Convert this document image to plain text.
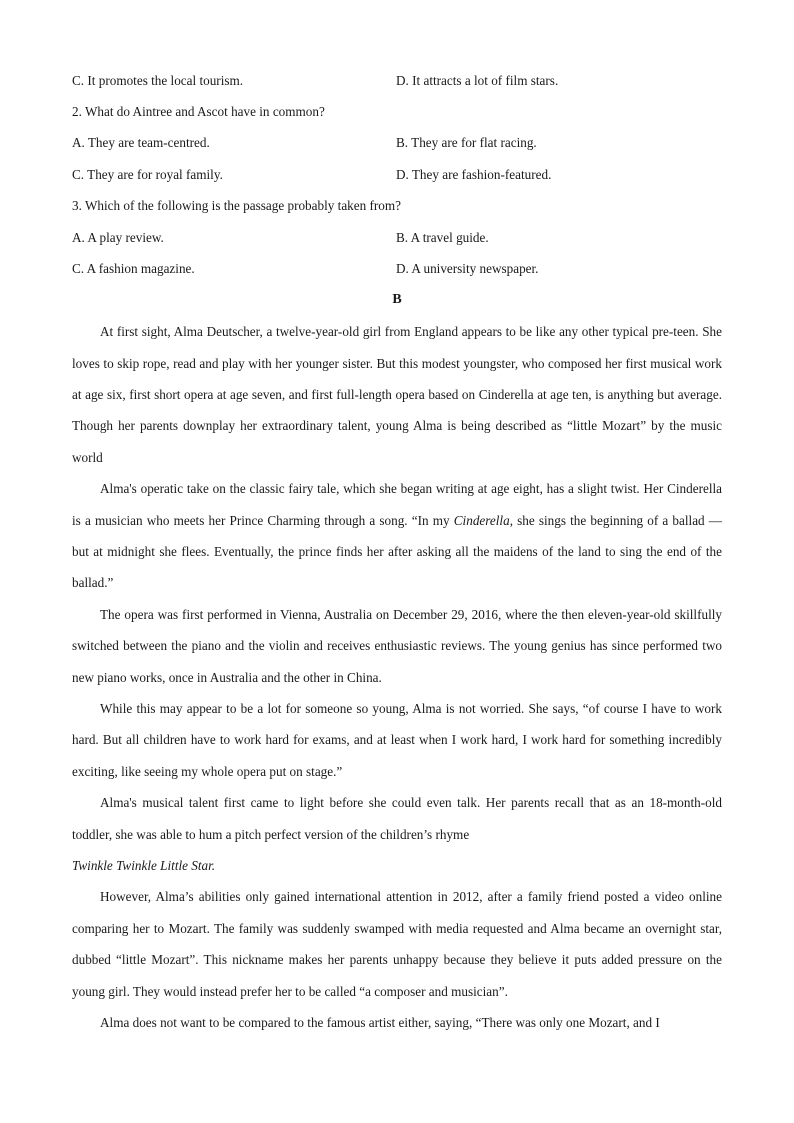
C. It promotes the local tourism.	D. It attracts a lot of film stars.
2. What do Aintree and Ascot have in common?
A. They are team-centred.	B. They are for flat racing.
C. They are for royal family.	D. They are fashion-featured.
3. Which of the following is the passage probably taken from?
A. A play review.	B. A travel guide.
C. A fashion magazine.	D. A university newspaper.
B

At first sight, Alma Deutscher, a twelve-year-old girl from England appears to be like any other typical pre-teen. She loves to skip rope, read and play with her younger sister. But this modest youngster, who composed her first musical work at age six, first short opera at age seven, and first full-length opera based on Cinderella at age ten, is anything but average. Though her parents downplay her extraordinary talent, young Alma is being described as “little Mozart” by the music world

Alma's operatic take on the classic fairy tale, which she began writing at age eight, has a slight twist. Her Cinderella is a musician who meets her Prince Charming through a song. “In my Cinderella, she sings the beginning of a ballad — but at midnight she flees. Eventually, the prince finds her after asking all the maidens of the land to sing the end of the ballad.”

The opera was first performed in Vienna, Australia on December 29, 2016, where the then eleven-year-old skillfully switched between the piano and the violin and receives enthusiastic reviews. The young genius has since performed two new piano works, once in Australia and the other in China.

While this may appear to be a lot for someone so young, Alma is not worried. She says, “of course I have to work hard. But all children have to work hard for exams, and at least when I work hard, I work hard for something incredibly exciting, like seeing my whole opera put on stage.”

Alma's musical talent first came to light before she could even talk. Her parents recall that as an 18-month-old toddler, she was able to hum a pitch perfect version of the children’s rhyme

Twinkle Twinkle Little Star.

However, Alma’s abilities only gained international attention in 2012, after a family friend posted a video online comparing her to Mozart. The family was suddenly swamped with media requested and Alma became an overnight star, dubbed “little Mozart”. This nickname makes her parents unhappy because they believe it puts added pressure on the young girl. They would instead prefer her to be called “a composer and musician”.

Alma does not want to be compared to the famous artist either, saying, “There was only one Mozart, and I
